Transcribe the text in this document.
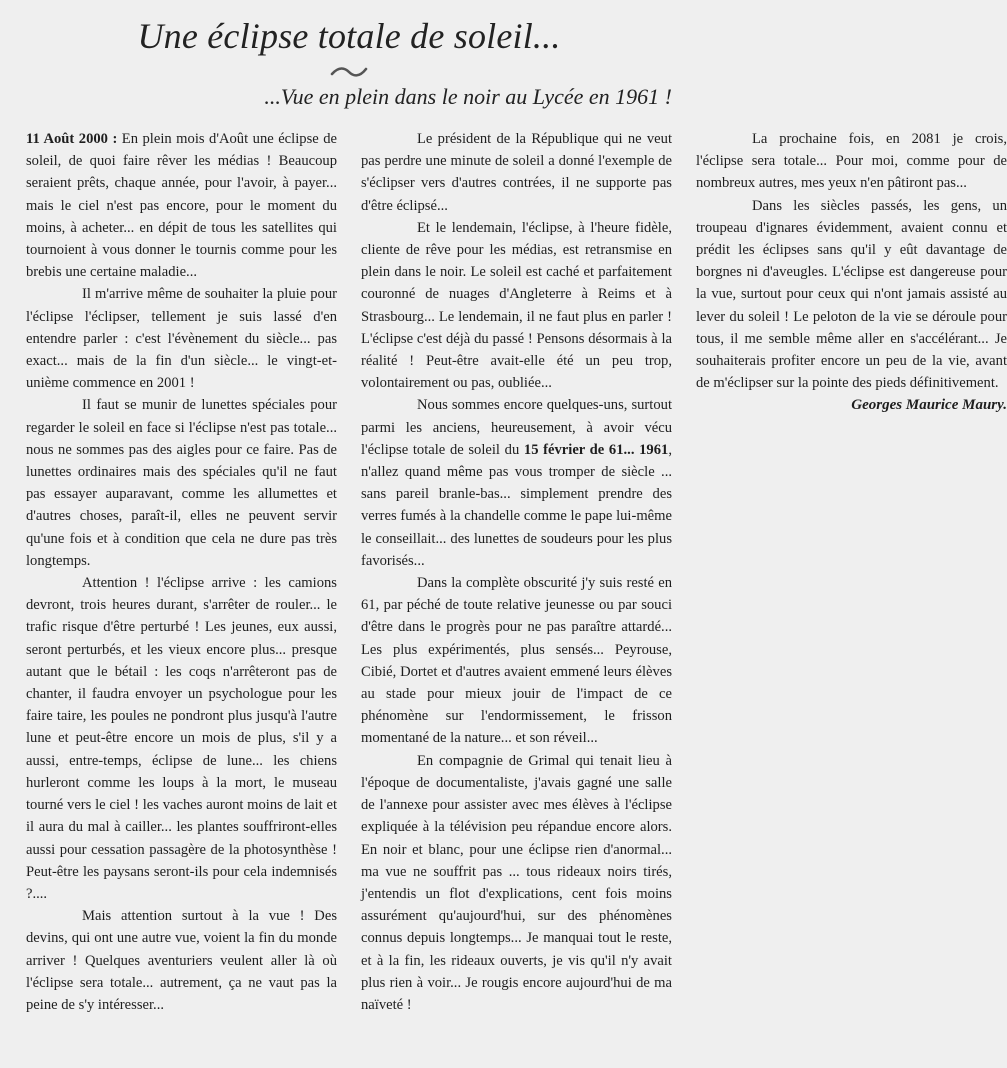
Une éclipse totale de soleil...

...Vue en plein dans le noir au Lycée en 1961 !

11 Août 2000 : En plein mois d'Août une éclipse de soleil, de quoi faire rêver les médias ! Beaucoup seraient prêts, chaque année, pour l'avoir, à payer... mais le ciel n'est pas encore, pour le moment du moins, à acheter... en dépit de tous les satellites qui tournoient à vous donner le tournis comme pour les brebis une certaine maladie...

Il m'arrive même de souhaiter la pluie pour l'éclipse l'éclipser, tellement je suis lassé d'en entendre parler : c'est l'évènement du siècle... pas exact... mais de la fin d'un siècle... le vingt-et-unième commence en 2001 !

Il faut se munir de lunettes spéciales pour regarder le soleil en face si l'éclipse n'est pas totale... nous ne sommes pas des aigles pour ce faire. Pas de lunettes ordinaires mais des spéciales qu'il ne faut pas essayer auparavant, comme les allumettes et d'autres choses, paraît-il, elles ne peuvent servir qu'une fois et à condition que cela ne dure pas très longtemps.

Attention ! l'éclipse arrive : les camions devront, trois heures durant, s'arrêter de rouler... le trafic risque d'être perturbé ! Les jeunes, eux aussi, seront perturbés, et les vieux encore plus... presque autant que le bétail : les coqs n'arrêteront pas de chanter, il faudra envoyer un psychologue pour les faire taire, les poules ne pondront plus jusqu'à l'autre lune et peut-être encore un mois de plus, s'il y a aussi, entre-temps, éclipse de lune... les chiens hurleront comme les loups à la mort, le museau tourné vers le ciel ! les vaches auront moins de lait et il aura du mal à cailler... les plantes souffriront-elles aussi pour cessation passagère de la photosynthèse ! Peut-être les paysans seront-ils pour cela indemnisés ?....

Mais attention surtout à la vue ! Des devins, qui ont une autre vue, voient la fin du monde arriver ! Quelques aventuriers veulent aller là où l'éclipse sera totale... autrement, ça ne vaut pas la peine de s'y intéresser...

Le président de la République qui ne veut pas perdre une minute de soleil a donné l'exemple de s'éclipser vers d'autres contrées, il ne supporte pas d'être éclipsé...

Et le lendemain, l'éclipse, à l'heure fidèle, cliente de rêve pour les médias, est retransmise en plein dans le noir. Le soleil est caché et parfaitement couronné de nuages d'Angleterre à Reims et à Strasbourg... Le lendemain, il ne faut plus en parler ! L'éclipse c'est déjà du passé ! Pensons désormais à la réalité ! Peut-être avait-elle été un peu trop, volontairement ou pas, oubliée...

Nous sommes encore quelques-uns, surtout parmi les anciens, heureusement, à avoir vécu l'éclipse totale de soleil du 15 février de 61... 1961, n'allez quand même pas vous tromper de siècle ... sans pareil branle-bas... simplement prendre des verres fumés à la chandelle comme le pape lui-même le conseillait... des lunettes de soudeurs pour les plus favorisés...

Dans la complète obscurité j'y suis resté en 61, par péché de toute relative jeunesse ou par souci d'être dans le progrès pour ne pas paraître attardé... Les plus expérimentés, plus sensés... Peyrouse, Cibié, Dortet et d'autres avaient emmené leurs élèves au stade pour mieux jouir de l'impact de ce phénomène sur l'endormissement, le frisson momentané de la nature... et son réveil...

En compagnie de Grimal qui tenait lieu à l'époque de documentaliste, j'avais gagné une salle de l'annexe pour assister avec mes élèves à l'éclipse expliquée à la télévision peu répandue encore alors. En noir et blanc, pour une éclipse rien d'anormal... ma vue ne souffrit pas ... tous rideaux noirs tirés, j'entendis un flot d'explications, cent fois moins assurément qu'aujourd'hui, sur des phénomènes connus depuis longtemps... Je manquai tout le reste, et à la fin, les rideaux ouverts, je vis qu'il n'y avait plus rien à voir... Je rougis encore aujourd'hui de ma naïveté !

La prochaine fois, en 2081 je crois, l'éclipse sera totale... Pour moi, comme pour de nombreux autres, mes yeux n'en pâtiront pas...

Dans les siècles passés, les gens, un troupeau d'ignares évidemment, avaient connu et prédit les éclipses sans qu'il y eût davantage de borgnes ni d'aveugles. L'éclipse est dangereuse pour la vue, surtout pour ceux qui n'ont jamais assisté au lever du soleil ! Le peloton de la vie se déroule pour tous, il me semble même aller en s'accélérant... Je souhaiterais profiter encore un peu de la vie, avant de m'éclipser sur la pointe des pieds définitivement.

Georges Maurice Maury.
